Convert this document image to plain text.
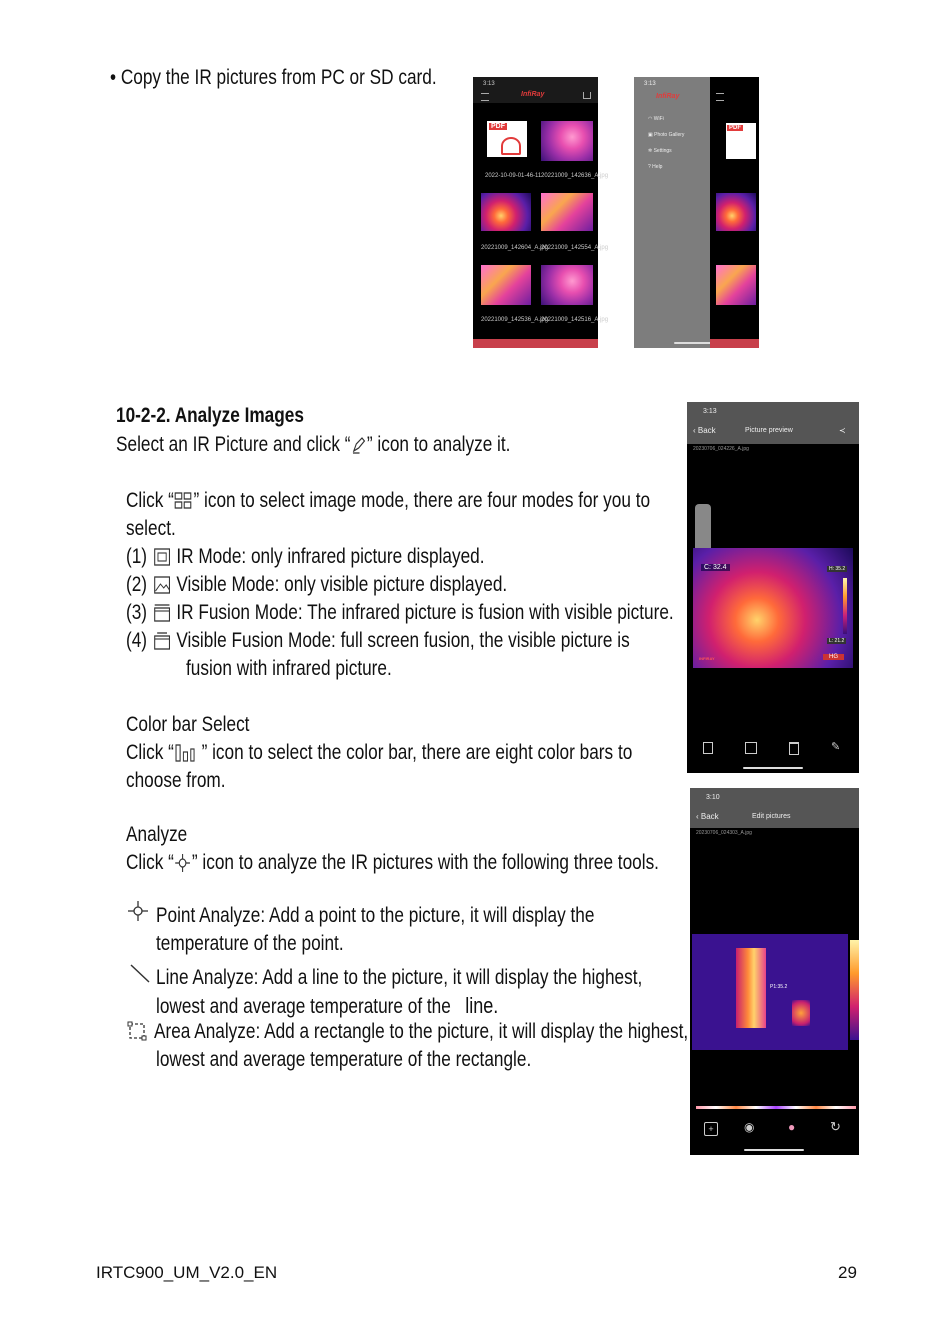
• Copy the IR pictures from PC or SD card.	3:13
InfiRay
PDF
2022-10-09-01-46-11 20221009_142636_A.jpg
20221009_142604_A.jpg
20221009_142554_A.jpg
20221009_142536_A.jpg
20221009_142516_A.jpg
3:13
InfiRay
◠ WiFi
▣ Photo Gallery
✲ Settings
? Help
PDF
10-2-2. Analyze Images
Select an IR Picture and click “ ” icon to analyze it.
Click “ ” icon to select image mode, there are four modes for you to
select.
(1) IR Mode: only infrared picture displayed.
(2) Visible Mode: only visible picture displayed.
(3) IR Fusion Mode: The infrared picture is fusion with visible picture.
(4) Visible Fusion Mode: full screen fusion, the visible picture is
fusion with infrared picture.
Color bar Select
Click “ ” icon to select the color bar, there are eight color bars to
choose from.
Analyze
Click “ ” icon to analyze the IR pictures with the following three tools.
Point Analyze: Add a point to the picture, it will display the
temperature of the point.
Line Analyze: Add a line to the picture, it will display the highest,
lowest and average temperature of the line.
Area Analyze: Add a rectangle to the picture, it will display the highest,
lowest and average temperature of the rectangle.
3:13
‹ Back	Picture preview	≺
20230706_024226_A.jpg
C: 32.4	H: 35.2
L: 21.2
HG
INFIRAY
✎
3:10
‹ Back	Edit pictures
20230706_024303_A.jpg
P1:35.2
+	◉	●	↻
IRTC900_UM_V2.0_EN	29
